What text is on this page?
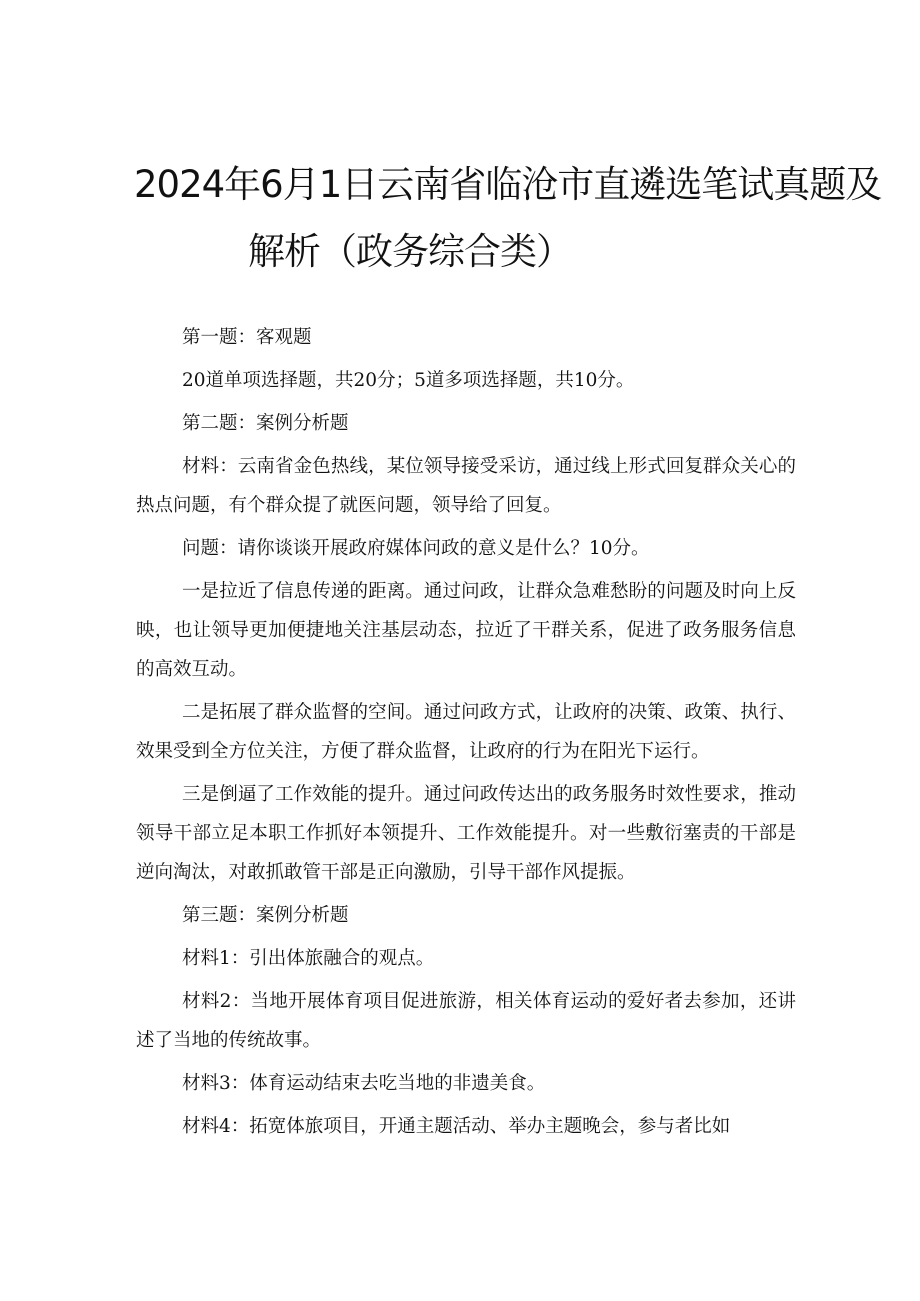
2024年6月1日云南省临沧市直遴选笔试真题及
解析（政务综合类）

第一题：客观题

20道单项选择题，共20分；5道多项选择题，共10分。

第二题：案例分析题

材料：云南省金色热线，某位领导接受采访，通过线上形式回复群众关心的热点问题，有个群众提了就医问题，领导给了回复。

问题：请你谈谈开展政府媒体问政的意义是什么？10分。

一是拉近了信息传递的距离。通过问政，让群众急难愁盼的问题及时向上反映，也让领导更加便捷地关注基层动态，拉近了干群关系，促进了政务服务信息的高效互动。

二是拓展了群众监督的空间。通过问政方式，让政府的决策、政策、执行、效果受到全方位关注，方便了群众监督，让政府的行为在阳光下运行。

三是倒逼了工作效能的提升。通过问政传达出的政务服务时效性要求，推动领导干部立足本职工作抓好本领提升、工作效能提升。对一些敷衍塞责的干部是逆向淘汰，对敢抓敢管干部是正向激励，引导干部作风提振。

第三题：案例分析题

材料1：引出体旅融合的观点。

材料2：当地开展体育项目促进旅游，相关体育运动的爱好者去参加，还讲述了当地的传统故事。

材料3：体育运动结束去吃当地的非遗美食。

材料4：拓宽体旅项目，开通主题活动、举办主题晚会，参与者比如
